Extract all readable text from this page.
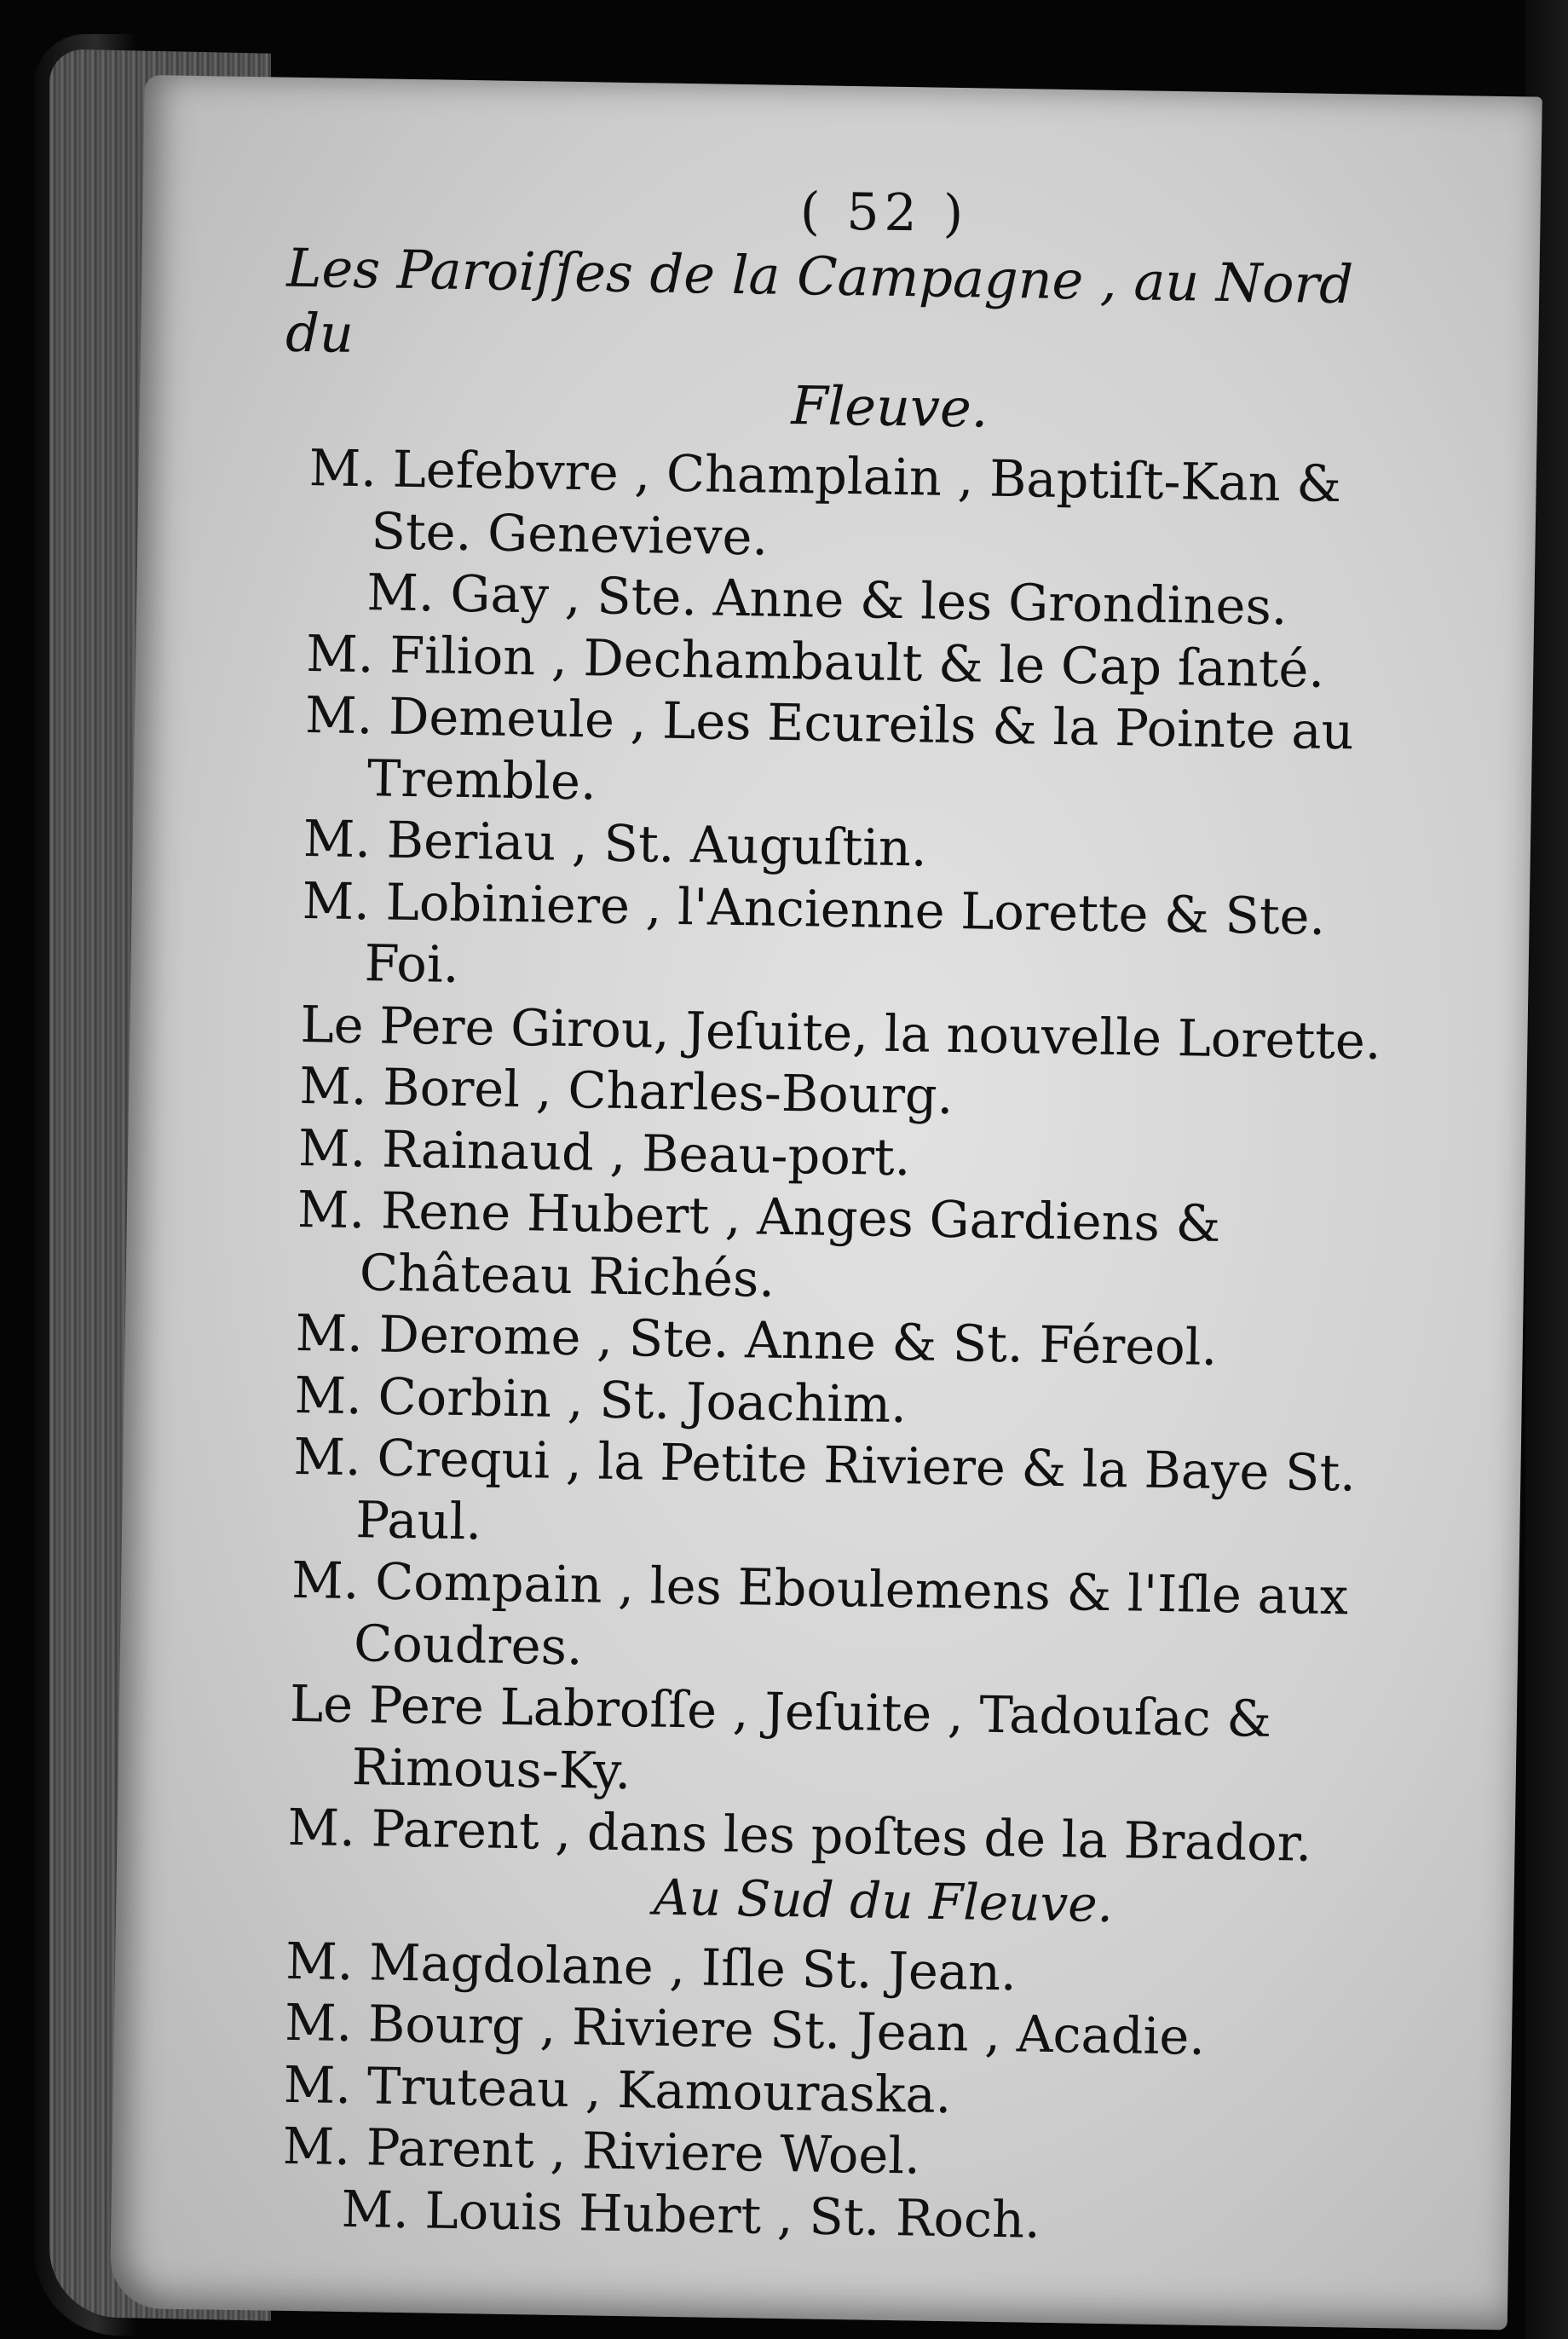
( 52 )
Les Paroiſſes de la Campagne , au Nord du
Fleuve.
M. Lefebvre , Champlain , Baptiſt-Kan & Ste. Genevieve.
M. Gay , Ste. Anne & les Grondines.
M. Filion , Dechambault & le Cap ſanté.
M. Demeule , Les Ecureils & la Pointe au Tremble.
M. Beriau , St. Auguſtin.
M. Lobiniere , l'Ancienne Lorette & Ste. Foi.
Le Pere Girou, Jeſuite, la nouvelle Lorette.
M. Borel , Charles-Bourg.
M. Rainaud , Beau-port.
M. Rene Hubert , Anges Gardiens & Château Richés.
M. Derome , Ste. Anne & St. Féreol.
M. Corbin , St. Joachim.
M. Crequi , la Petite Riviere & la Baye St. Paul.
M. Compain , les Eboulemens & l'Iſle aux Coudres.
Le Pere Labroſſe , Jeſuite , Tadouſac & Rimous-Ky.
M. Parent , dans les poſtes de la Brador.
Au Sud du Fleuve.
M. Magdolane , Iſle St. Jean.
M. Bourg , Riviere St. Jean , Acadie.
M. Truteau , Kamouraska.
M. Parent , Riviere Woel.
M. Louis Hubert , St. Roch.
